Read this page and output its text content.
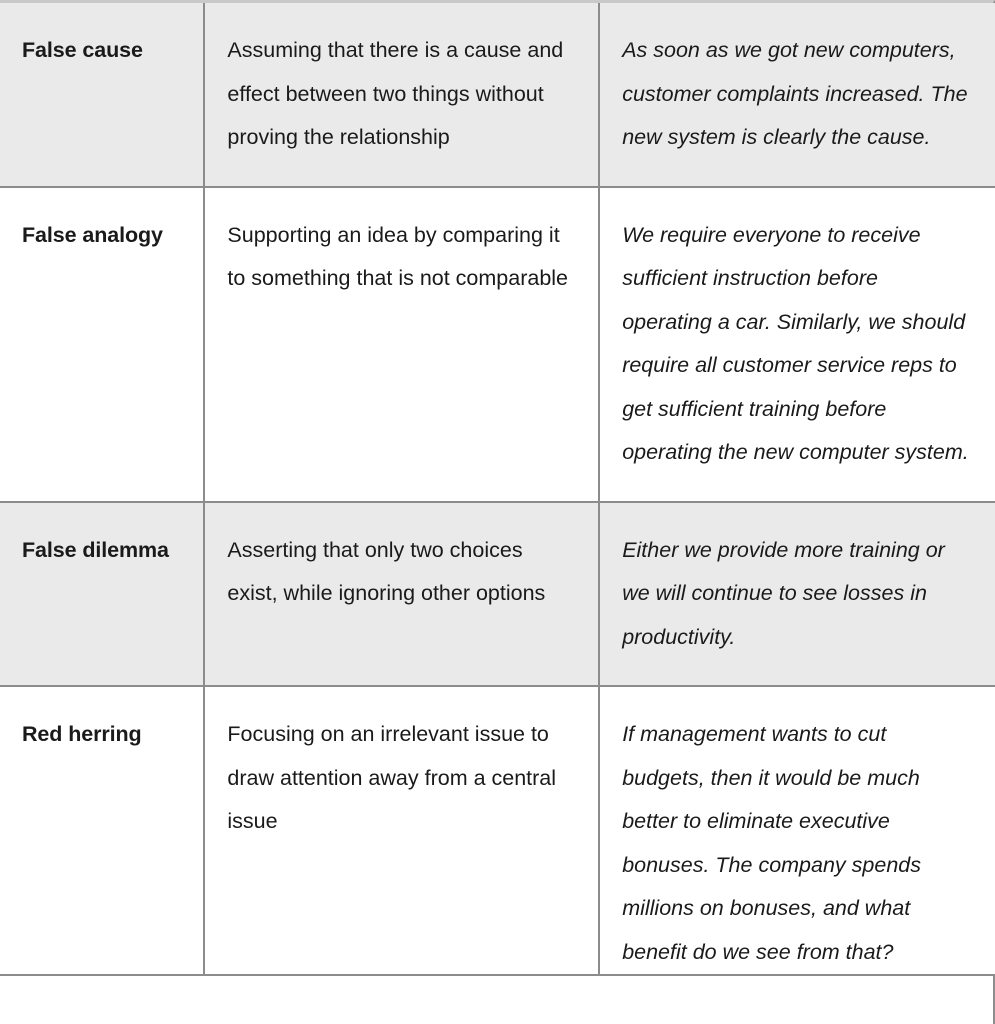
False cause	Assuming that there is a cause and effect between two things without proving the relationship	As soon as we got new computers, customer complaints increased. The new system is clearly the cause.
False analogy	Supporting an idea by comparing it to something that is not comparable	We require everyone to receive sufficient instruction before operating a car. Similarly, we should require all customer service reps to get sufficient training before operating the new computer system.
False dilemma	Asserting that only two choices exist, while ignoring other options	Either we provide more training or we will continue to see losses in productivity.
Red herring	Focusing on an irrelevant issue to draw attention away from a central issue	If management wants to cut budgets, then it would be much better to eliminate executive bonuses. The company spends millions on bonuses, and what benefit do we see from that?
